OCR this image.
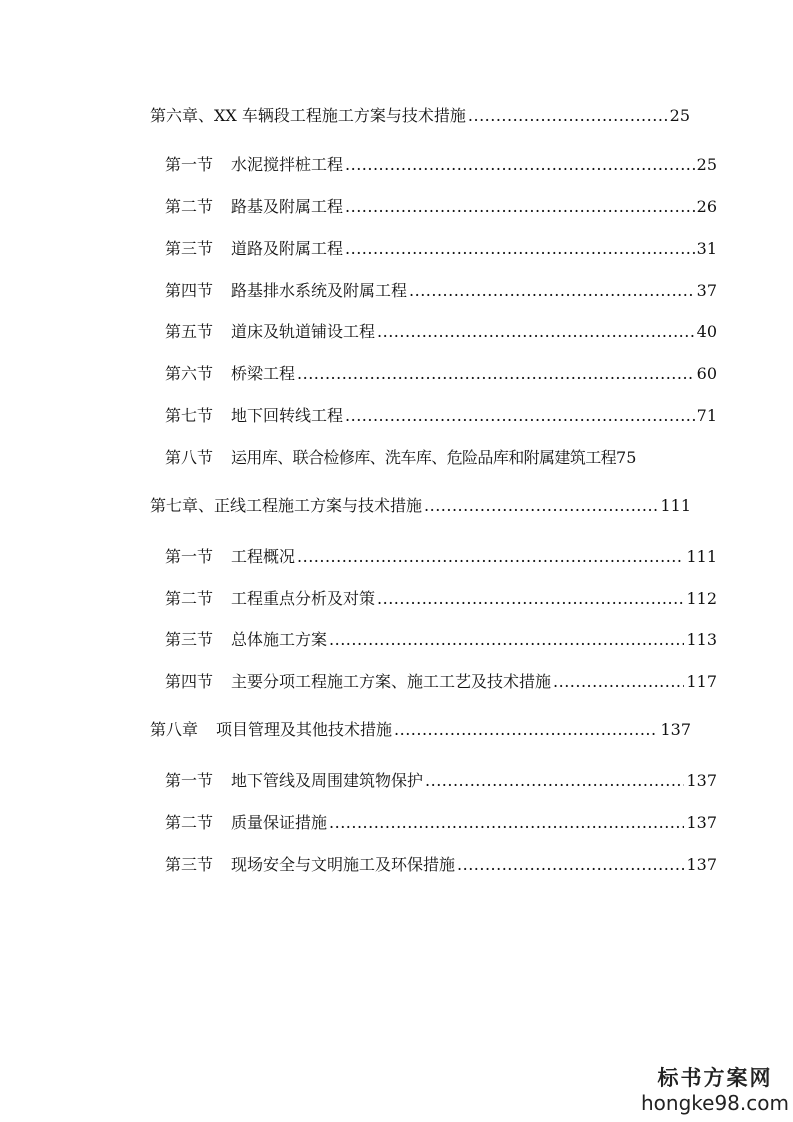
第六章、XX 车辆段工程施工方案与技术措施 .....	25
第一节 水泥搅拌桩工程 .....	25
第二节 路基及附属工程 .....	26
第三节 道路及附属工程 .....	31
第四节 路基排水系统及附属工程 .....	37
第五节 道床及轨道铺设工程 .....	40
第六节 桥梁工程 .....	60
第七节 地下回转线工程 .....	71
第八节 运用库、联合检修库、洗车库、危险品库和附属建筑工程 75
第七章、正线工程施工方案与技术措施 .....	111
第一节 工程概况 .....	111
第二节 工程重点分析及对策 .....	112
第三节 总体施工方案 .....	113
第四节 主要分项工程施工方案、施工工艺及技术措施 .....	117
第八章 项目管理及其他技术措施 .....	137
第一节 地下管线及周围建筑物保护 .....	137
第二节 质量保证措施 .....	137
第三节 现场安全与文明施工及环保措施 .....	137
标书方案网
hongke98.com
